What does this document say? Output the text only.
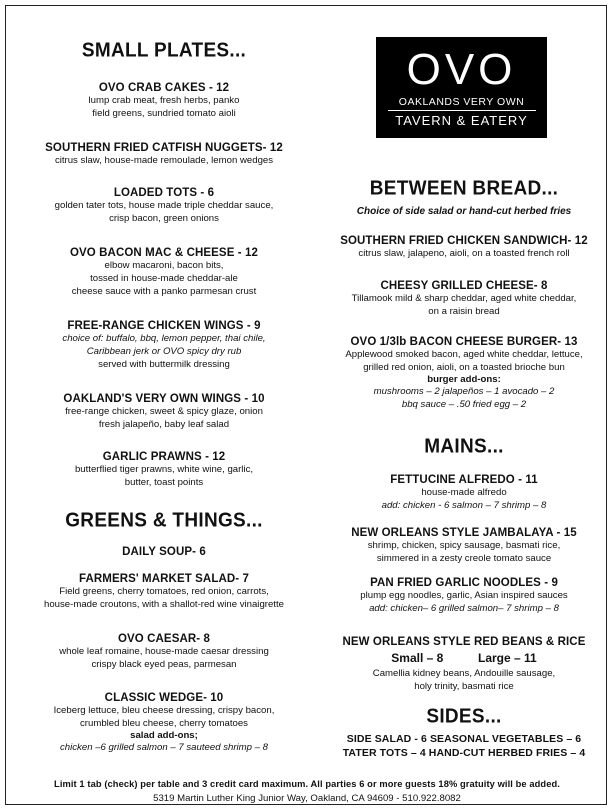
SMALL PLATES...
OVO CRAB CAKES - 12
lump crab meat, fresh herbs, panko
field greens, sundried tomato aioli
SOUTHERN FRIED CATFISH NUGGETS- 12
citrus slaw, house-made remoulade, lemon wedges
LOADED TOTS - 6
golden tater tots, house made triple cheddar sauce,
crisp bacon, green onions
OVO BACON MAC & CHEESE - 12
elbow macaroni, bacon bits,
tossed in house-made cheddar-ale
cheese sauce with a panko parmesan crust
FREE-RANGE CHICKEN WINGS - 9
choice of: buffalo, bbq, lemon pepper, thai chile,
Caribbean jerk or OVO spicy dry rub
served with buttermilk dressing
OAKLAND'S VERY OWN WINGS - 10
free-range chicken, sweet & spicy glaze, onion
fresh jalapeño, baby leaf salad
GARLIC PRAWNS - 12
butterflied tiger prawns, white wine, garlic,
butter, toast points
GREENS & THINGS...
DAILY SOUP- 6
FARMERS' MARKET SALAD- 7
Field greens, cherry tomatoes, red onion, carrots,
house-made croutons, with a shallot-red wine vinaigrette
OVO CAESAR- 8
whole leaf romaine, house-made caesar dressing
crispy black eyed peas, parmesan
CLASSIC WEDGE- 10
Iceberg lettuce, bleu cheese dressing, crispy bacon,
crumbled bleu cheese, cherry tomatoes
salad add-ons;
chicken –6 grilled salmon – 7 sauteed shrimp – 8
OVO
OAKLANDS VERY OWN
TAVERN & EATERY
BETWEEN BREAD...
Choice of side salad or hand-cut herbed fries
SOUTHERN FRIED CHICKEN SANDWICH- 12
citrus slaw, jalapeno, aioli, on a toasted french roll
CHEESY GRILLED CHEESE- 8
Tillamook mild & sharp cheddar, aged white cheddar,
on a raisin bread
OVO 1/3lb BACON CHEESE BURGER- 13
Applewood smoked bacon, aged white cheddar, lettuce,
grilled red onion, aioli, on a toasted brioche bun
burger add-ons:
mushrooms – 2 jalapeños – 1 avocado – 2
bbq sauce – .50 fried egg – 2
MAINS...
FETTUCINE ALFREDO - 11
house-made alfredo
add: chicken - 6 salmon – 7 shrimp – 8
NEW ORLEANS STYLE JAMBALAYA - 15
shrimp, chicken, spicy sausage, basmati rice,
simmered in a zesty creole tomato sauce
PAN FRIED GARLIC NOODLES - 9
plump egg noodles, garlic, Asian inspired sauces
add: chicken– 6 grilled salmon– 7 shrimp – 8
NEW ORLEANS STYLE RED BEANS & RICE
Small – 8	Large – 11
Camellia kidney beans, Andouille sausage,
holy trinity, basmati rice
SIDES...
SIDE SALAD - 6 SEASONAL VEGETABLES – 6
TATER TOTS – 4 HAND-CUT HERBED FRIES – 4
Limit 1 tab (check) per table and 3 credit card maximum. All parties 6 or more guests 18% gratuity will be added.
5319 Martin Luther King Junior Way, Oakland, CA 94609 - 510.922.8082
